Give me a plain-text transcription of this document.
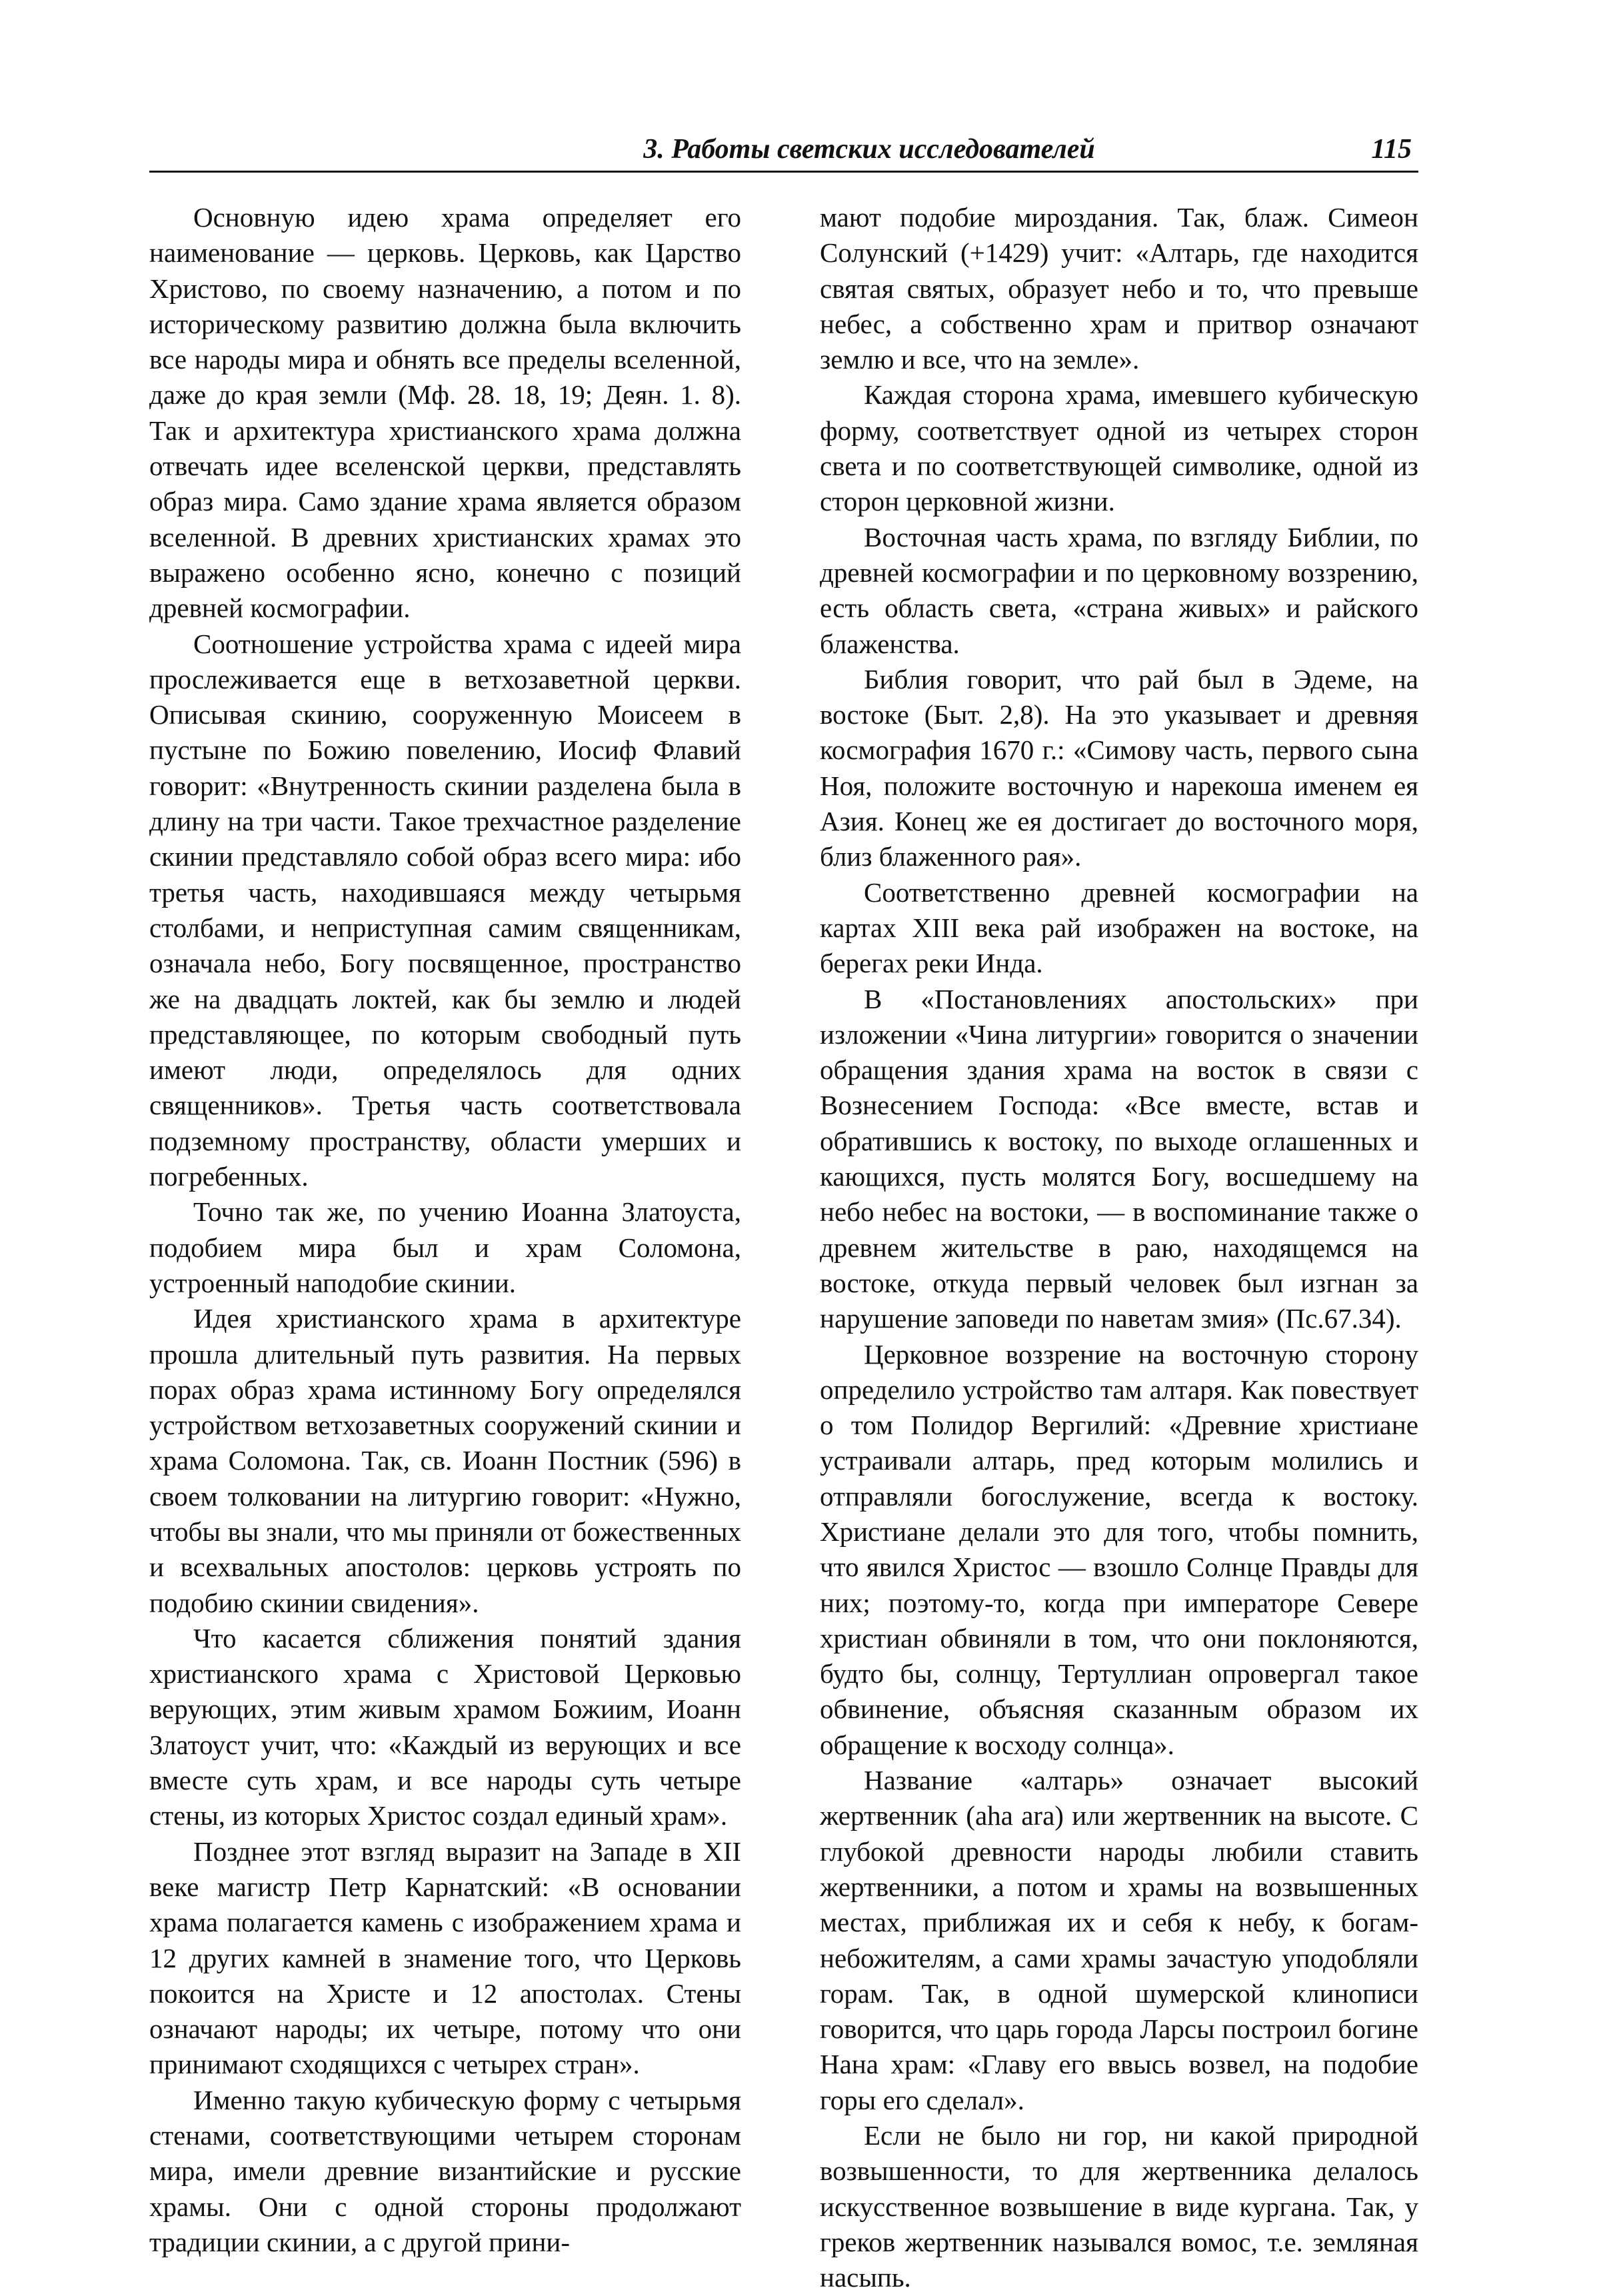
3. Работы светских исследователей	115

Основную идею храма определяет его наименование — церковь. Церковь, как Царство Христово, по своему назначению, а потом и по историческому развитию должна была включить все народы мира и обнять все пределы вселенной, даже до края земли (Мф. 28. 18, 19; Деян. 1. 8). Так и архитектура христианского храма должна отвечать идее вселенской церкви, представлять образ мира. Само здание храма является образом вселенной. В древних христианских храмах это выражено особенно ясно, конечно с позиций древней космографии.

Соотношение устройства храма с идеей мира прослеживается еще в ветхозаветной церкви. Описывая скинию, сооруженную Моисеем в пустыне по Божию повелению, Иосиф Флавий говорит: «Внутренность скинии разделена была в длину на три части. Такое трехчастное разделение скинии представляло собой образ всего мира: ибо третья часть, находившаяся между четырьмя столбами, и неприступная самим священникам, означала небо, Богу посвященное, пространство же на двадцать локтей, как бы землю и людей представляющее, по которым свободный путь имеют люди, определялось для одних священников». Третья часть соответствовала подземному пространству, области умерших и погребенных.

Точно так же, по учению Иоанна Златоуста, подобием мира был и храм Соломона, устроенный наподобие скинии.

Идея христианского храма в архитектуре прошла длительный путь развития. На первых порах образ храма истинному Богу определялся устройством ветхозаветных сооружений скинии и храма Соломона. Так, св. Иоанн Постник (596) в своем толковании на литургию говорит: «Нужно, чтобы вы знали, что мы приняли от божественных и всехвальных апостолов: церковь устроять по подобию скинии свидения».

Что касается сближения понятий здания христианского храма с Христовой Церковью верующих, этим живым храмом Божиим, Иоанн Златоуст учит, что: «Каждый из верующих и все вместе суть храм, и все народы суть четыре стены, из которых Христос создал единый храм».

Позднее этот взгляд выразит на Западе в XII веке магистр Петр Карнатский: «В основании храма полагается камень с изображением храма и 12 других камней в знамение того, что Церковь покоится на Христе и 12 апостолах. Стены означают народы; их четыре, потому что они принимают сходящихся с четырех стран».

Именно такую кубическую форму с четырьмя стенами, соответствующими четырем сторонам мира, имели древние византийские и русские храмы. Они с одной стороны продолжают традиции скинии, а с другой прини-

мают подобие мироздания. Так, блаж. Симеон Солунский (+1429) учит: «Алтарь, где находится святая святых, образует небо и то, что превыше небес, а собственно храм и притвор означают землю и все, что на земле».

Каждая сторона храма, имевшего кубическую форму, соответствует одной из четырех сторон света и по соответствующей символике, одной из сторон церковной жизни.

Восточная часть храма, по взгляду Библии, по древней космографии и по церковному воззрению, есть область света, «страна живых» и райского блаженства.

Библия говорит, что рай был в Эдеме, на востоке (Быт. 2,8). На это указывает и древняя космография 1670 г.: «Симову часть, первого сына Ноя, положите восточную и нарекоша именем ея Азия. Конец же ея достигает до восточного моря, близ блаженного рая».

Соответственно древней космографии на картах XIII века рай изображен на востоке, на берегах реки Инда.

В «Постановлениях апостольских» при изложении «Чина литургии» говорится о значении обращения здания храма на восток в связи с Вознесением Господа: «Все вместе, встав и обратившись к востоку, по выходе оглашенных и кающихся, пусть молятся Богу, восшедшему на небо небес на востоки, — в воспоминание также о древнем жительстве в раю, находящемся на востоке, откуда первый человек был изгнан за нарушение заповеди по наветам змия» (Пс.67.34).

Церковное воззрение на восточную сторону определило устройство там алтаря. Как повествует о том Полидор Вергилий: «Древние христиане устраивали алтарь, пред которым молились и отправляли богослужение, всегда к востоку. Христиане делали это для того, чтобы помнить, что явился Христос — взошло Солнце Правды для них; поэтому-то, когда при императоре Севере христиан обвиняли в том, что они поклоняются, будто бы, солнцу, Тертуллиан опровергал такое обвинение, объясняя сказанным образом их обращение к восходу солнца».

Название «алтарь» означает высокий жертвенник (aha ara) или жертвенник на высоте. С глубокой древности народы любили ставить жертвенники, а потом и храмы на возвышенных местах, приближая их и себя к небу, к богам-небожителям, а сами храмы зачастую уподобляли горам. Так, в одной шумерской клинописи говорится, что царь города Ларсы построил богине Нана храм: «Главу его ввысь возвел, на подобие горы его сделал».

Если не было ни гор, ни какой природной возвышенности, то для жертвенника делалось искусственное возвышение в виде кургана. Так, у греков жертвенник назывался вомос, т.е. земляная насыпь.
